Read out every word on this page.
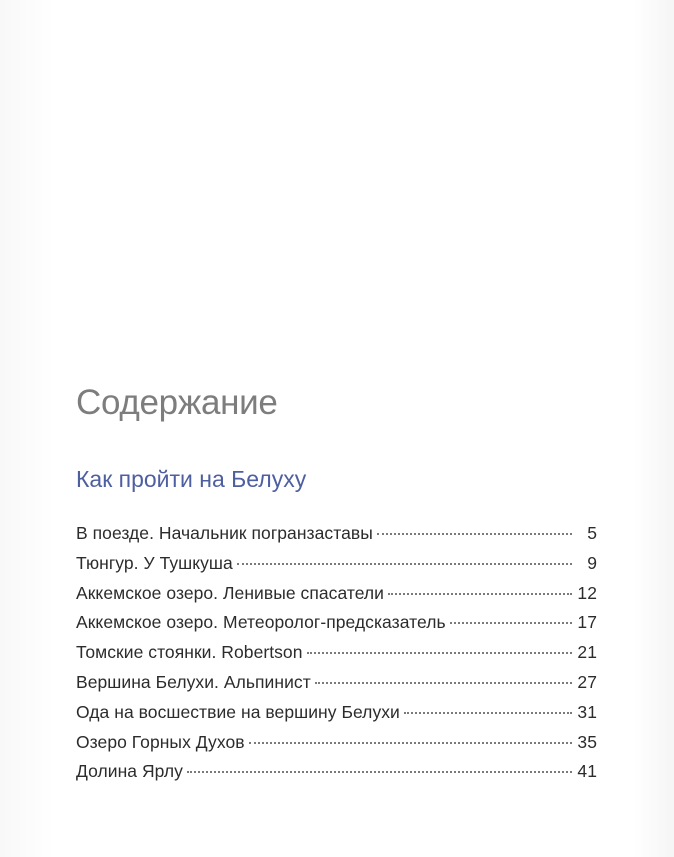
Содержание
Как пройти на Белуху
В поезде. Начальник погранзаставы	5
Тюнгур. У Тушкуша	9
Аккемское озеро. Ленивые спасатели	12
Аккемское озеро. Метеоролог-предсказатель	17
Томские стоянки. Robertson	21
Вершина Белухи. Альпинист	27
Ода на восшествие на вершину Белухи	31
Озеро Горных Духов	35
Долина Ярлу	41
